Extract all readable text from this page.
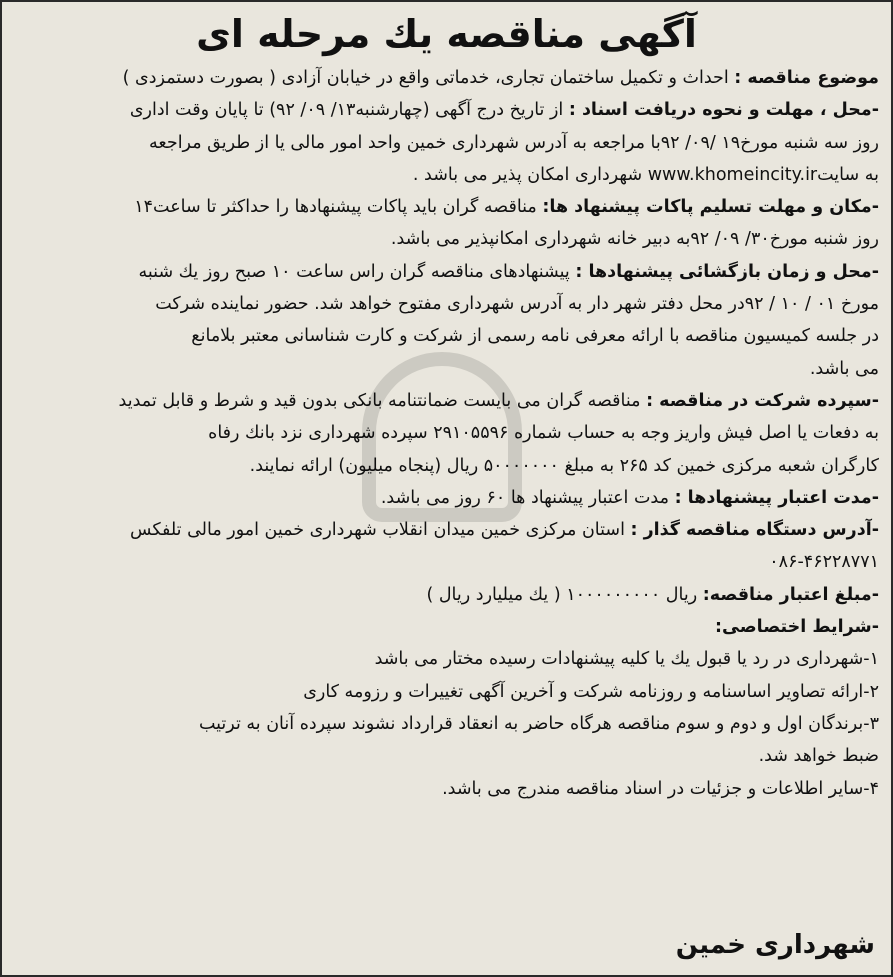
آگهی مناقصه یك مرحله ای
موضوع مناقصه : احداث و تكمیل ساختمان تجاری، خدماتی واقع در خیابان آزادی ( بصورت دستمزدی )
-محل ، مهلت و نحوه دریافت اسناد : از تاریخ درج آگهی (چهارشنبه۱۳/ ۰۹/ ۹۲) تا پایان وقت اداری
روز سه شنبه مورخ۱۹ /۰۹/ ۹۲با مراجعه به آدرس شهرداری خمین واحد امور مالی یا از طریق مراجعه
به سایتwww.khomeincity.ir شهرداری امكان پذیر می باشد .
-مكان و مهلت تسلیم پاكات پیشنهاد ها: مناقصه گران باید پاكات پیشنهادها را حداكثر تا ساعت۱۴
روز شنبه مورخ۳۰/ ۰۹/ ۹۲به دبیر خانه شهرداری امكانپذیر می باشد.
-محل و زمان بازگشائی پیشنهادها : پیشنهادهای مناقصه گران راس ساعت ۱۰ صبح روز یك شنبه
مورخ ۰۱ / ۱۰ / ۹۲در محل دفتر شهر دار به آدرس شهرداری مفتوح خواهد شد. حضور نماینده شركت
در جلسه كمیسیون مناقصه با ارائه معرفی نامه رسمی از شركت و كارت شناسانی معتبر بلامانع
می باشد.
-سپرده شركت در مناقصه : مناقصه گران می بایست ضمانتنامه بانكی بدون قید و شرط و قابل تمدید
به دفعات یا اصل فیش واریز وجه به حساب شماره ۲۹۱۰۵۵۹۶ سپرده شهرداری نزد بانك رفاه
كارگران شعبه مركزی خمین كد ۲۶۵ به مبلغ ۵۰۰۰۰۰۰۰ ریال (پنجاه میلیون) ارائه نمایند.
-مدت اعتبار پیشنهادها : مدت اعتبار پیشنهاد ها ۶۰ روز می باشد.
-آدرس دستگاه مناقصه گذار : استان مركزی خمین میدان انقلاب شهرداری خمین امور مالی تلفكس
۰۸۶-۴۶۲۲۸۷۷۱
-مبلغ اعتبار مناقصه: ریال ۱۰۰۰۰۰۰۰۰۰ ( یك میلیارد ریال )
-شرایط اختصاصی:
۱-شهرداری در رد یا قبول یك یا كلیه پیشنهادات رسیده مختار می باشد
۲-ارائه تصاویر اساسنامه و روزنامه شركت و آخرین آگهی تغییرات و رزومه كاری
۳-برندگان اول و دوم و سوم مناقصه هرگاه حاضر به انعقاد قرارداد نشوند سپرده آنان به ترتیب
ضبط خواهد شد.
۴-سایر اطلاعات و جزئیات در اسناد مناقصه مندرج می باشد.
شهرداری خمین
